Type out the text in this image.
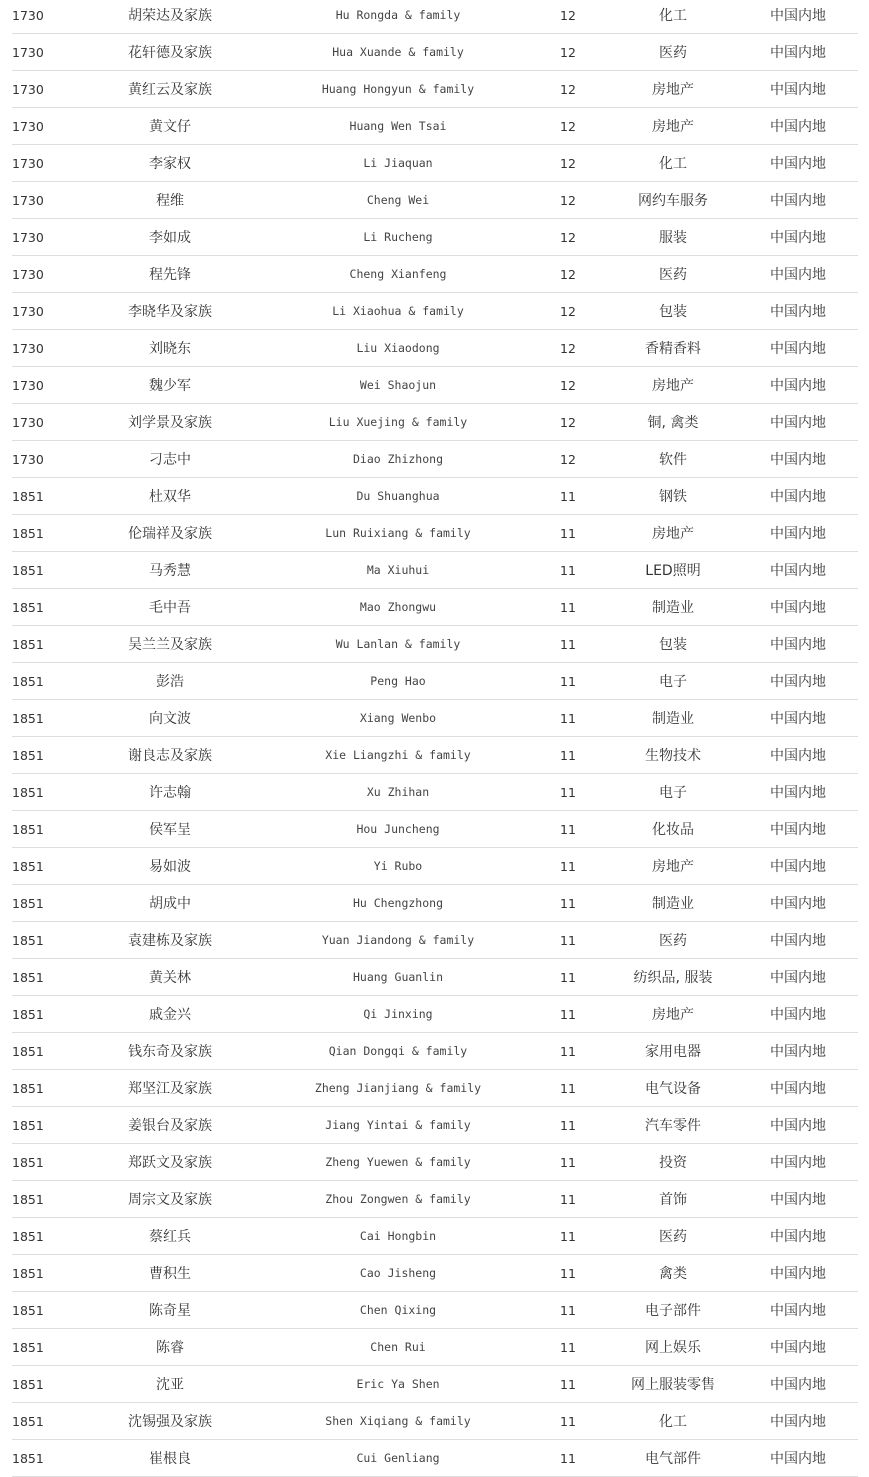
1730	胡荣达及家族	Hu Rongda & family	12	化工	中国内地
1730	花轩德及家族	Hua Xuande & family	12	医药	中国内地
1730	黄红云及家族	Huang Hongyun & family	12	房地产	中国内地
1730	黄文仔	Huang Wen Tsai	12	房地产	中国内地
1730	李家权	Li Jiaquan	12	化工	中国内地
1730	程维	Cheng Wei	12	网约车服务	中国内地
1730	李如成	Li Rucheng	12	服装	中国内地
1730	程先锋	Cheng Xianfeng	12	医药	中国内地
1730	李晓华及家族	Li Xiaohua & family	12	包装	中国内地
1730	刘晓东	Liu Xiaodong	12	香精香料	中国内地
1730	魏少军	Wei Shaojun	12	房地产	中国内地
1730	刘学景及家族	Liu Xuejing & family	12	铜, 禽类	中国内地
1730	刁志中	Diao Zhizhong	12	软件	中国内地
1851	杜双华	Du Shuanghua	11	钢铁	中国内地
1851	伦瑞祥及家族	Lun Ruixiang & family	11	房地产	中国内地
1851	马秀慧	Ma Xiuhui	11	LED照明	中国内地
1851	毛中吾	Mao Zhongwu	11	制造业	中国内地
1851	吴兰兰及家族	Wu Lanlan & family	11	包装	中国内地
1851	彭浩	Peng Hao	11	电子	中国内地
1851	向文波	Xiang Wenbo	11	制造业	中国内地
1851	谢良志及家族	Xie Liangzhi & family	11	生物技术	中国内地
1851	许志翰	Xu Zhihan	11	电子	中国内地
1851	侯军呈	Hou Juncheng	11	化妆品	中国内地
1851	易如波	Yi Rubo	11	房地产	中国内地
1851	胡成中	Hu Chengzhong	11	制造业	中国内地
1851	袁建栋及家族	Yuan Jiandong & family	11	医药	中国内地
1851	黄关林	Huang Guanlin	11	纺织品, 服装	中国内地
1851	戚金兴	Qi Jinxing	11	房地产	中国内地
1851	钱东奇及家族	Qian Dongqi & family	11	家用电器	中国内地
1851	郑坚江及家族	Zheng Jianjiang & family	11	电气设备	中国内地
1851	姜银台及家族	Jiang Yintai & family	11	汽车零件	中国内地
1851	郑跃文及家族	Zheng Yuewen & family	11	投资	中国内地
1851	周宗文及家族	Zhou Zongwen & family	11	首饰	中国内地
1851	蔡红兵	Cai Hongbin	11	医药	中国内地
1851	曹积生	Cao Jisheng	11	禽类	中国内地
1851	陈奇星	Chen Qixing	11	电子部件	中国内地
1851	陈睿	Chen Rui	11	网上娱乐	中国内地
1851	沈亚	Eric Ya Shen	11	网上服装零售	中国内地
1851	沈锡强及家族	Shen Xiqiang & family	11	化工	中国内地
1851	崔根良	Cui Genliang	11	电气部件	中国内地
